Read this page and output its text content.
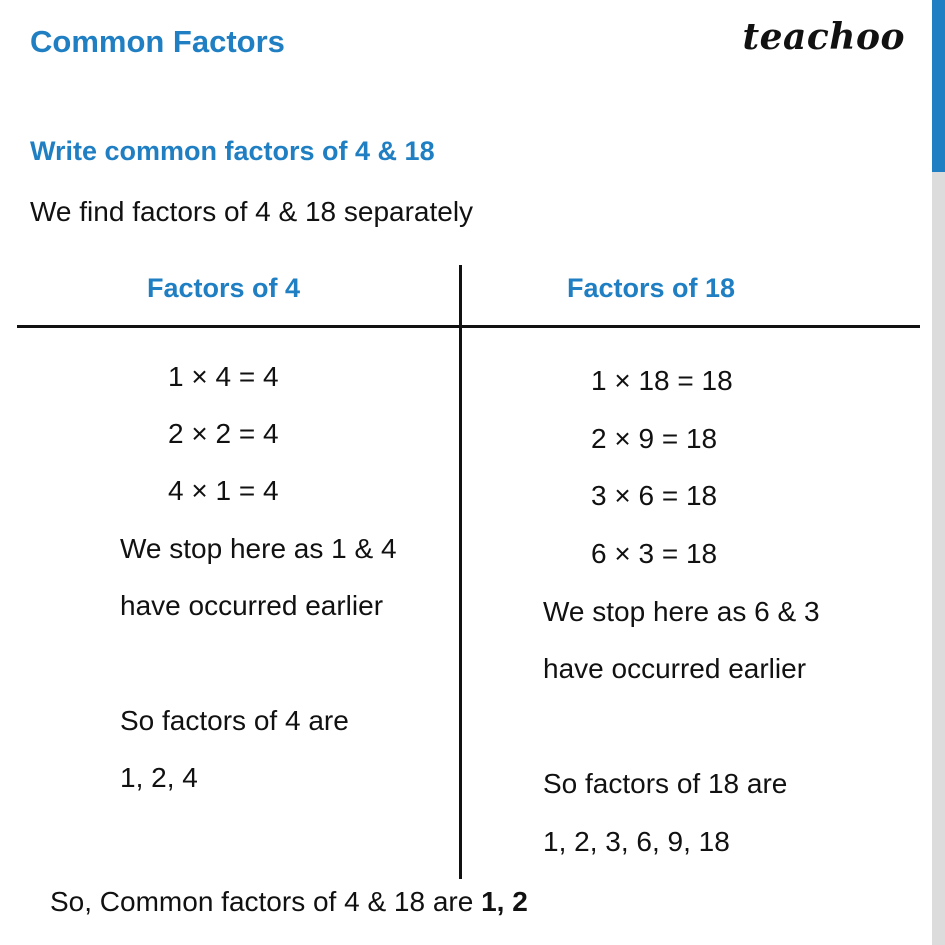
Common Factors	teachoo
Write common factors of 4 & 18
We find factors of 4 & 18 separately
Factors of 4	Factors of 18
1 × 4 = 4
2 × 2 = 4
4 × 1 = 4
We stop here as 1 & 4
have occurred earlier
So factors of 4 are
1, 2, 4
1 × 18 = 18
2 × 9 = 18
3 × 6 = 18
6 × 3 = 18
We stop here as 6 & 3
have occurred earlier
So factors of 18 are
1, 2, 3, 6, 9, 18
So, Common factors of 4 & 18 are 1, 2
